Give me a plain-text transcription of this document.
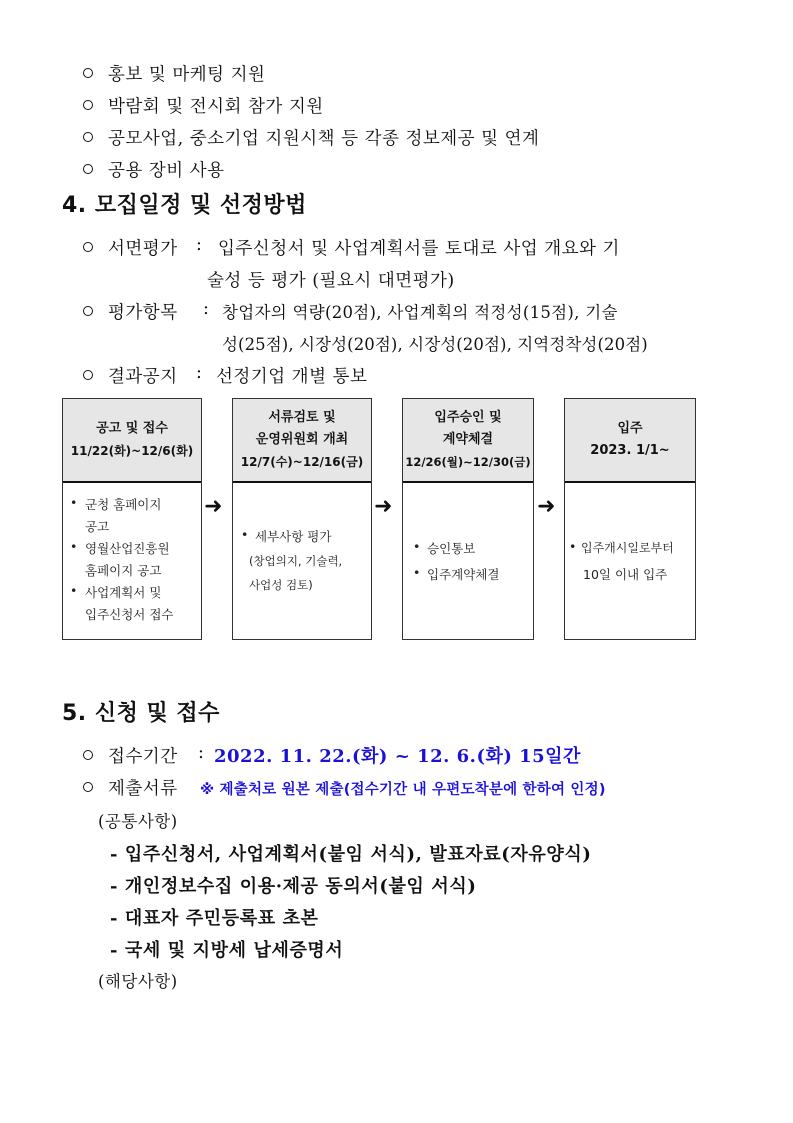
홍보 및 마케팅 지원
박람회 및 전시회 참가 지원
공모사업, 중소기업 지원시책 등 각종 정보제공 및 연계
공용 장비 사용
4. 모집일정 및 선정방법
서면평가 : 입주신청서 및 사업계획서를 토대로 사업 개요와 기
술성 등 평가 (필요시 대면평가)
평가항목 : 창업자의 역량(20점), 사업계획의 적정성(15점), 기술
성(25점), 시장성(20점), 시장성(20점), 지역정착성(20점)
결과공지 : 선정기업 개별 통보
공고 및 접수
11/22(화)~12/6(화)
• 군청 홈페이지
공고
• 영월산업진흥원
홈페이지 공고
• 사업계획서 및
입주신청서 접수
➜
서류검토 및
운영위원회 개최
12/7(수)~12/16(금)
• 세부사항 평가
(창업의지, 기술력,
사업성 검토)
➜
입주승인 및
계약체결
12/26(월)~12/30(금)
• 승인통보
• 입주계약체결
➜
입주
2023. 1/1~
• 입주개시일로부터
10일 이내 입주
5. 신청 및 접수
접수기간 : 2022. 11. 22.(화) ~ 12. 6.(화) 15일간
제출서류 ※ 제출처로 원본 제출(접수기간 내 우편도착분에 한하여 인정)
(공통사항)
- 입주신청서, 사업계획서(붙임 서식), 발표자료(자유양식)
- 개인정보수집 이용·제공 동의서(붙임 서식)
- 대표자 주민등록표 초본
- 국세 및 지방세 납세증명서
(해당사항)
